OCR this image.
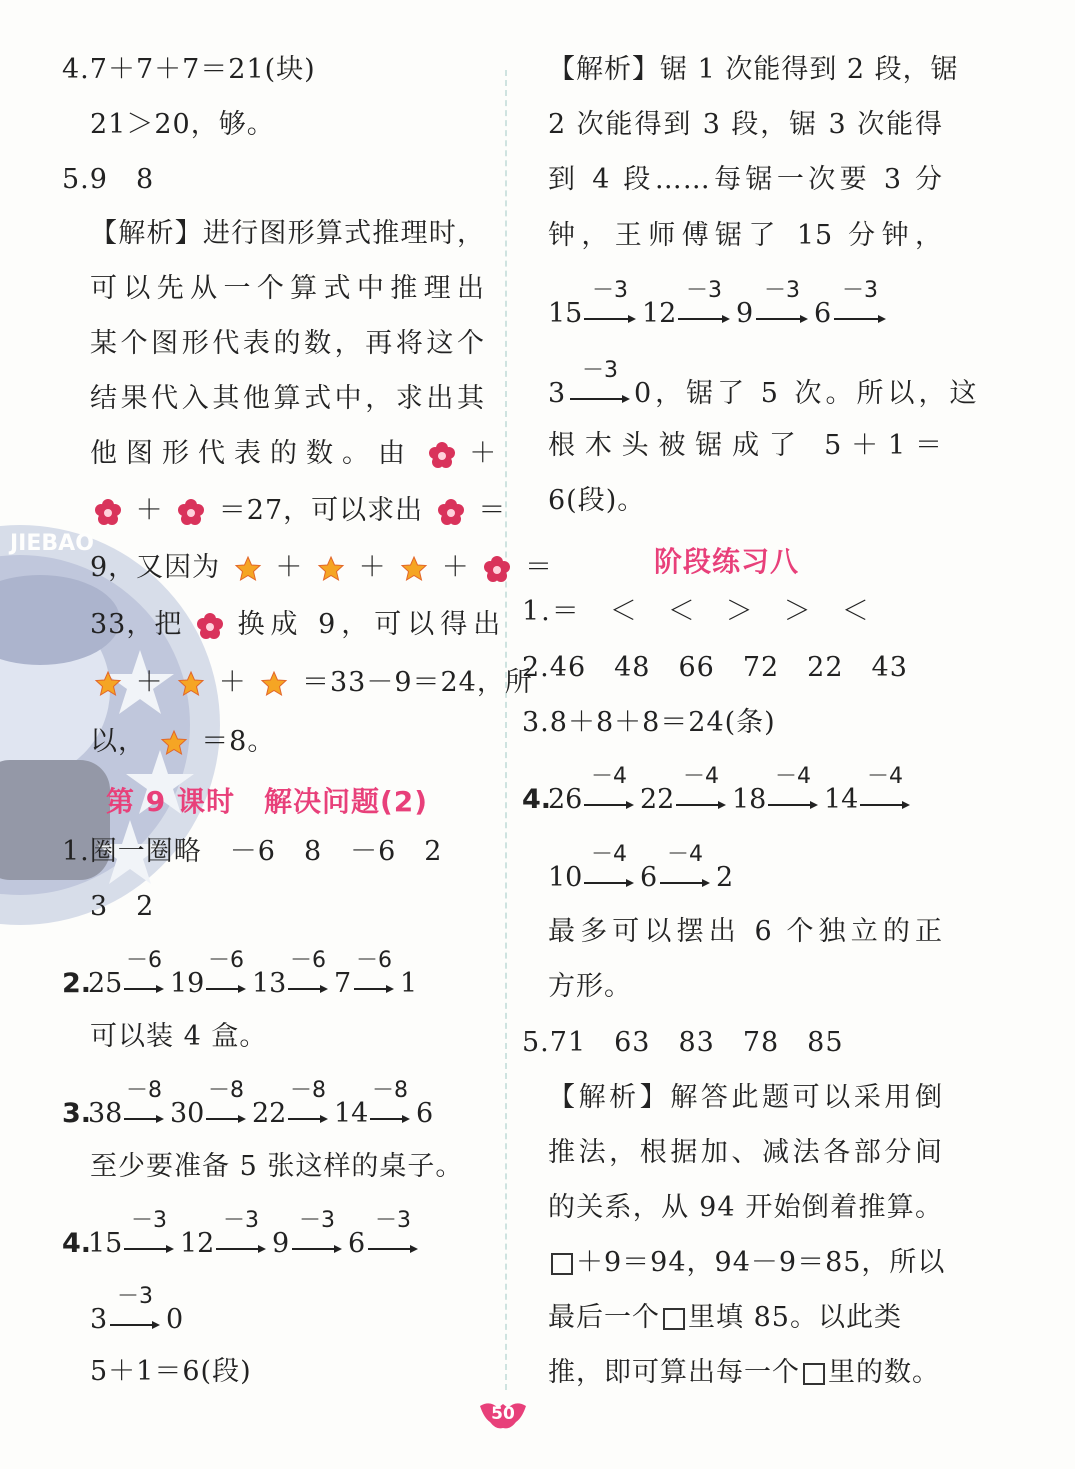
JIEBAO
4.7＋7＋7＝21(块)
21＞20，够。
5.9　8
【解析】进行图形算式推理时，
可以先从一个算式中推理出
某个图形代表的数，再将这个
结果代入其他算式中，求出其
他图形代表的数。由 ＋
＋ ＝27，可以求出 ＝
9，又因为 ＋ ＋ ＋ ＝
33，把 换成 9，可以得出
＋ ＋ ＝33－9＝24，所
以， ＝8。
第 9 课时　解决问题(2)
1.圈一圈略　－6　8　－6　2
3　2
2.
25
－6
19
－6
13
－6
7
－6
1
可以装 4 盒。
3.
38
－8
30
－8
22
－8
14
－8
6
至少要准备 5 张这样的桌子。
4.
15
－3
12
－3
9
－3
6
－3
3
－3
0
5＋1＝6(段)
【解析】锯 1 次能得到 2 段，锯
2 次能得到 3 段，锯 3 次能得
到 4 段……每锯一次要 3 分
钟，王师傅锯了 15 分钟，
15
－3
12
－3
9
－3
6
－3
3
－3
0，锯了 5 次。所以，这
根木头被锯成了 5＋1＝
6(段)。
阶段练习八
1.＝　＜　＜　＞　＞　＜
2.46　48　66　72　22　43
3.8＋8＋8＝24(条)
4.
26
－4
22
－4
18
－4
14
－4
10
－4
6
－4
2
最多可以摆出 6 个独立的正
方形。
5.71　63　83　78　85
【解析】解答此题可以采用倒
推法，根据加、减法各部分间
的关系，从 94 开始倒着推算。
＋9＝94，94－9＝85，所以
最后一个 里填 85。以此类
推，即可算出每一个 里的数。
50
